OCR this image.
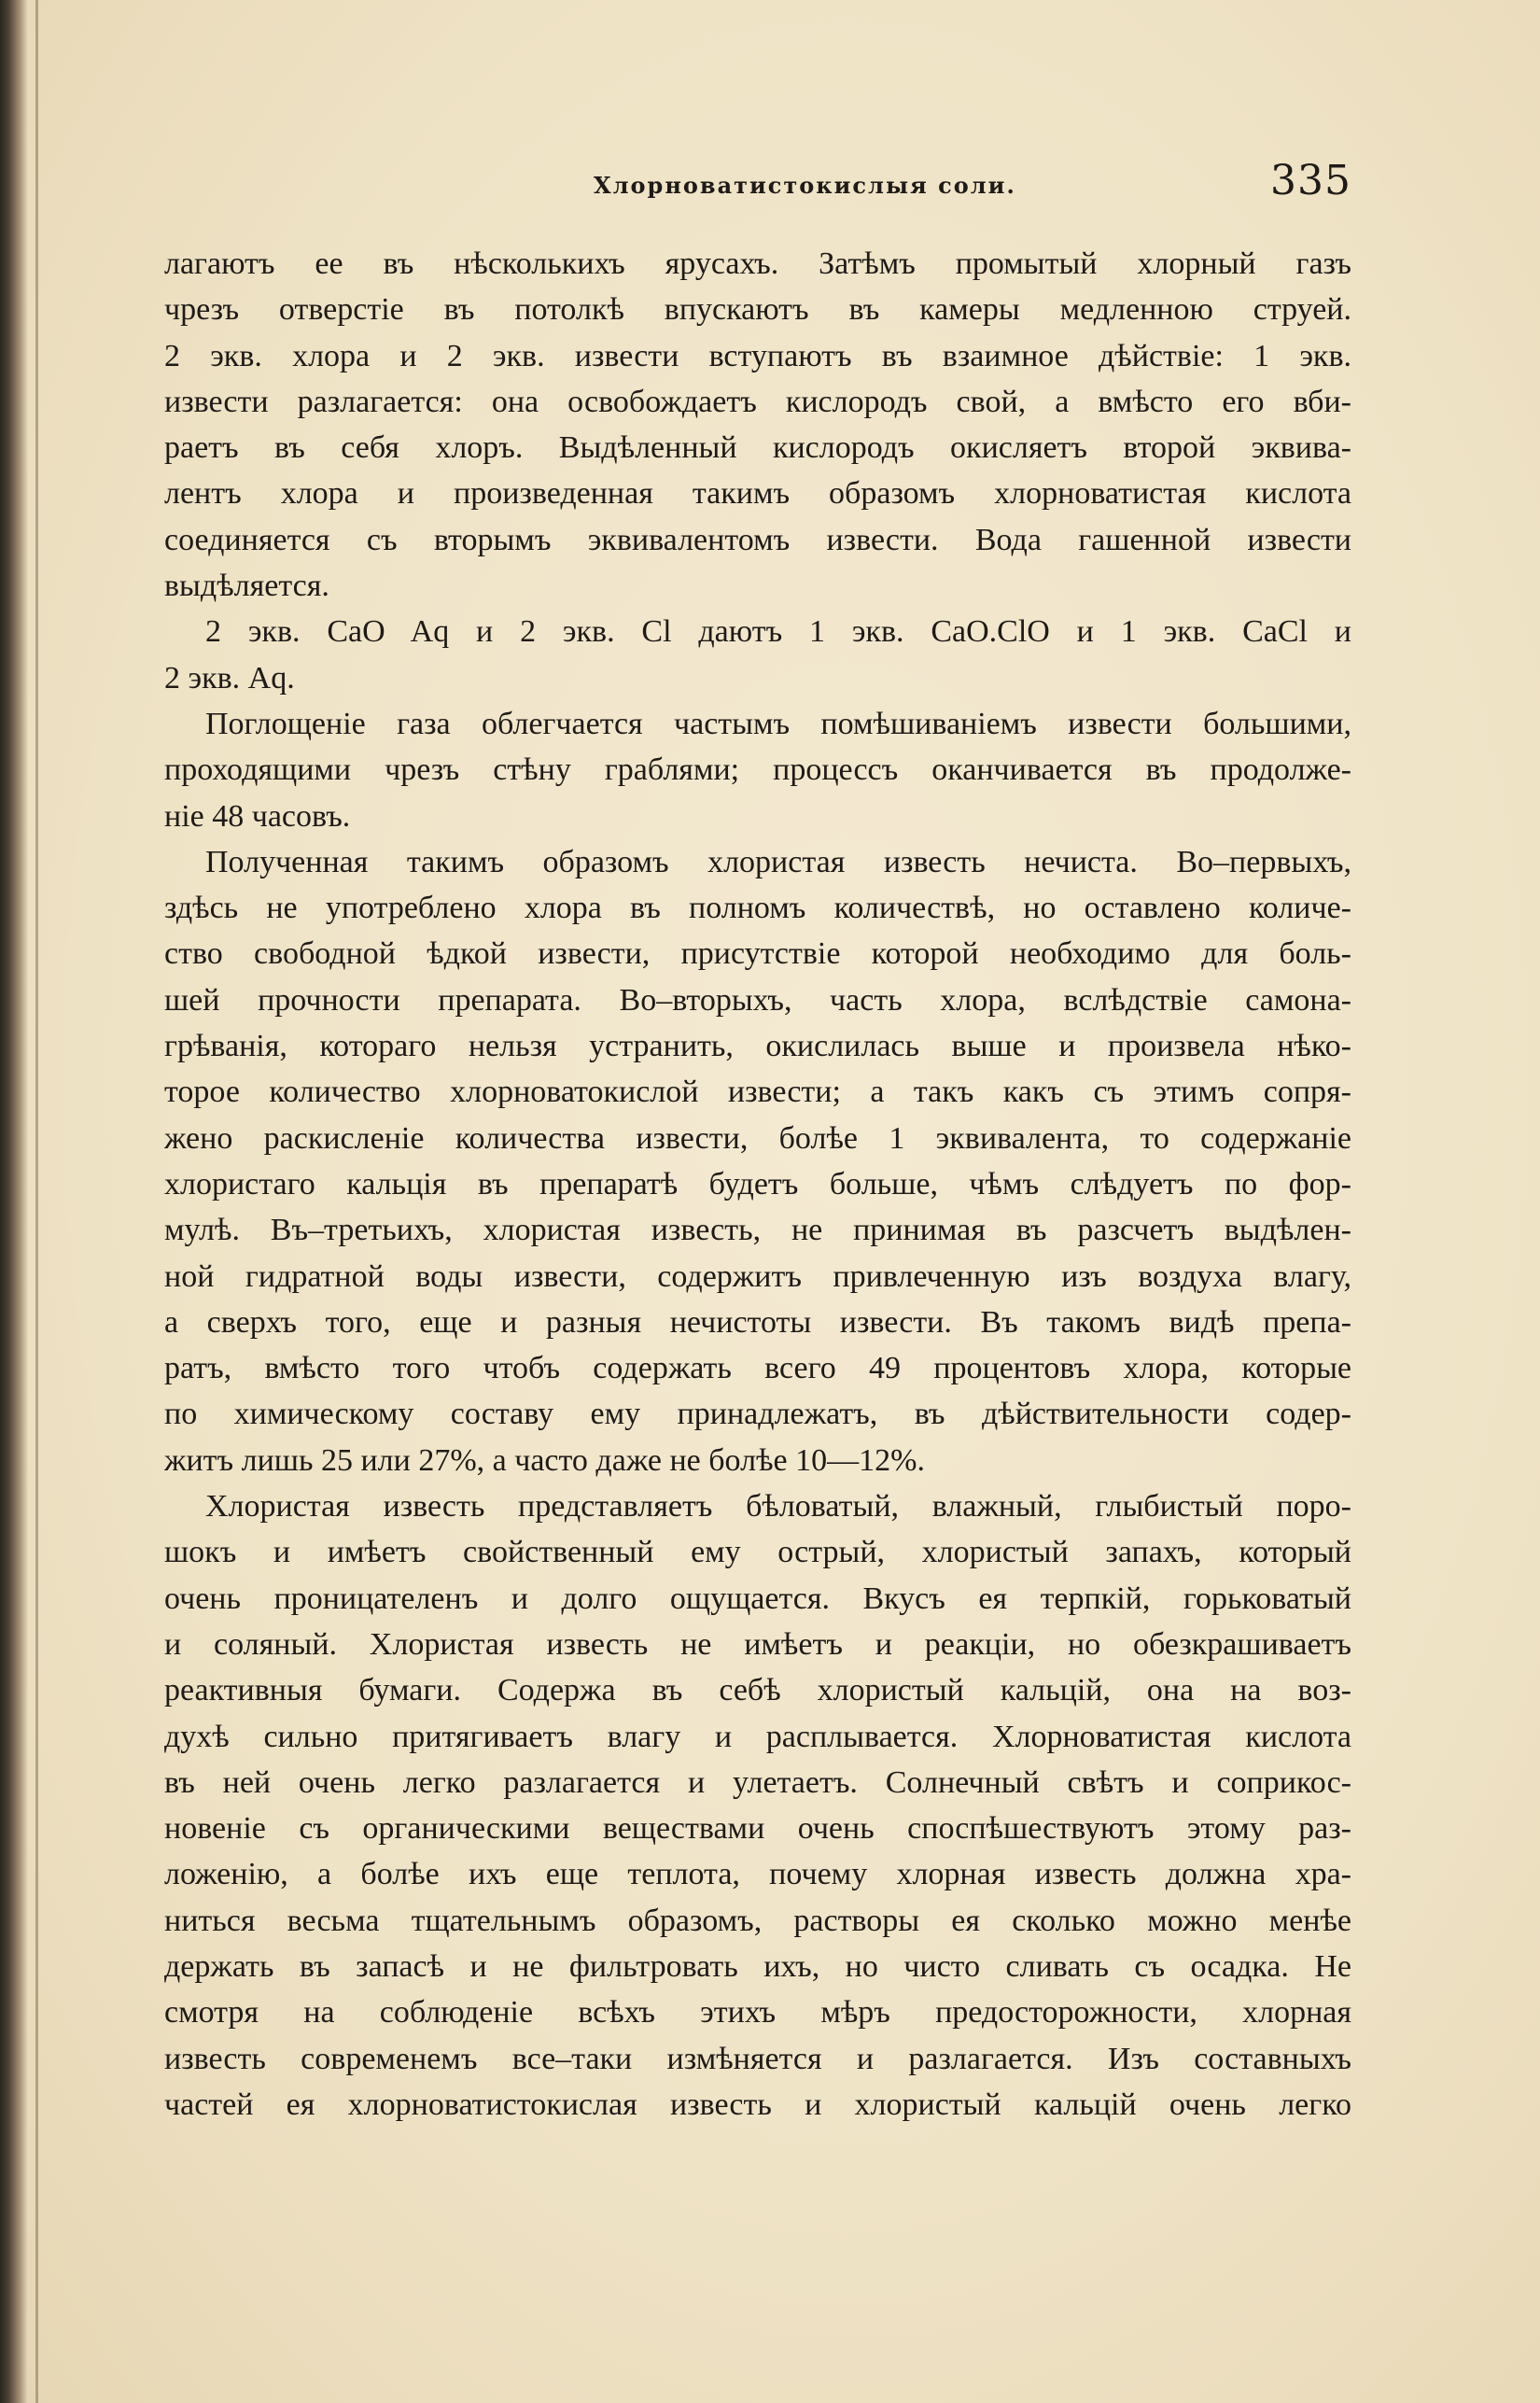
Хлорноватистокислыя соли.	335
лагаютъ ее въ нѣсколькихъ ярусахъ. Затѣмъ промытый хлорный газъ
чрезъ отверстіе въ потолкѣ впускаютъ въ камеры медленною струей.
2 экв. хлора и 2 экв. извести вступаютъ въ взаимное дѣйствіе: 1 экв.
извести разлагается: она освобождаетъ кислородъ свой, а вмѣсто его вби-
раетъ въ себя хлоръ. Выдѣленный кислородъ окисляетъ второй эквива-
лентъ хлора и произведенная такимъ образомъ хлорноватистая кислота
соединяется съ вторымъ эквивалентомъ извести. Вода гашенной извести
выдѣляется.
2 экв. CaO Aq и 2 экв. Cl даютъ 1 экв. CaO.ClO и 1 экв. CaCl и
2 экв. Aq.
Поглощеніе газа облегчается частымъ помѣшиваніемъ извести большими,
проходящими чрезъ стѣну граблями; процессъ оканчивается въ продолже-
ніе 48 часовъ.
Полученная такимъ образомъ хлористая известь нечиста. Во–первыхъ,
здѣсь не употреблено хлора въ полномъ количествѣ, но оставлено количе-
ство свободной ѣдкой извести, присутствіе которой необходимо для боль-
шей прочности препарата. Во–вторыхъ, часть хлора, вслѣдствіе самона-
грѣванія, котораго нельзя устранить, окислилась выше и произвела нѣко-
торое количество хлорноватокислой извести; а такъ какъ съ этимъ сопря-
жено раскисленіе количества извести, болѣе 1 эквивалента, то содержаніе
хлористаго кальція въ препаратѣ будетъ больше, чѣмъ слѣдуетъ по фор-
мулѣ. Въ–третьихъ, хлористая известь, не принимая въ разсчетъ выдѣлен-
ной гидратной воды извести, содержитъ привлеченную изъ воздуха влагу,
а сверхъ того, еще и разныя нечистоты извести. Въ такомъ видѣ препа-
ратъ, вмѣсто того чтобъ содержать всего 49 процентовъ хлора, которые
по химическому составу ему принадлежатъ, въ дѣйствительности содер-
житъ лишь 25 или 27%, а часто даже не болѣе 10—12%.
Хлористая известь представляетъ бѣловатый, влажный, глыбистый поро-
шокъ и имѣетъ свойственный ему острый, хлористый запахъ, который
очень проницателенъ и долго ощущается. Вкусъ ея терпкій, горьковатый
и соляный. Хлористая известь не имѣетъ и реакціи, но обезкрашиваетъ
реактивныя бумаги. Содержа въ себѣ хлористый кальцій, она на воз-
духѣ сильно притягиваетъ влагу и расплывается. Хлорноватистая кислота
въ ней очень легко разлагается и улетаетъ. Солнечный свѣтъ и соприкос-
новеніе съ органическими веществами очень споспѣшествуютъ этому раз-
ложенію, а болѣе ихъ еще теплота, почему хлорная известь должна хра-
ниться весьма тщательнымъ образомъ, растворы ея сколько можно менѣе
держать въ запасѣ и не фильтровать ихъ, но чисто сливать съ осадка. Не
смотря на соблюденіе всѣхъ этихъ мѣръ предосторожности, хлорная
известь современемъ все–таки измѣняется и разлагается. Изъ составныхъ
частей ея хлорноватистокислая известь и хлористый кальцій очень легко
